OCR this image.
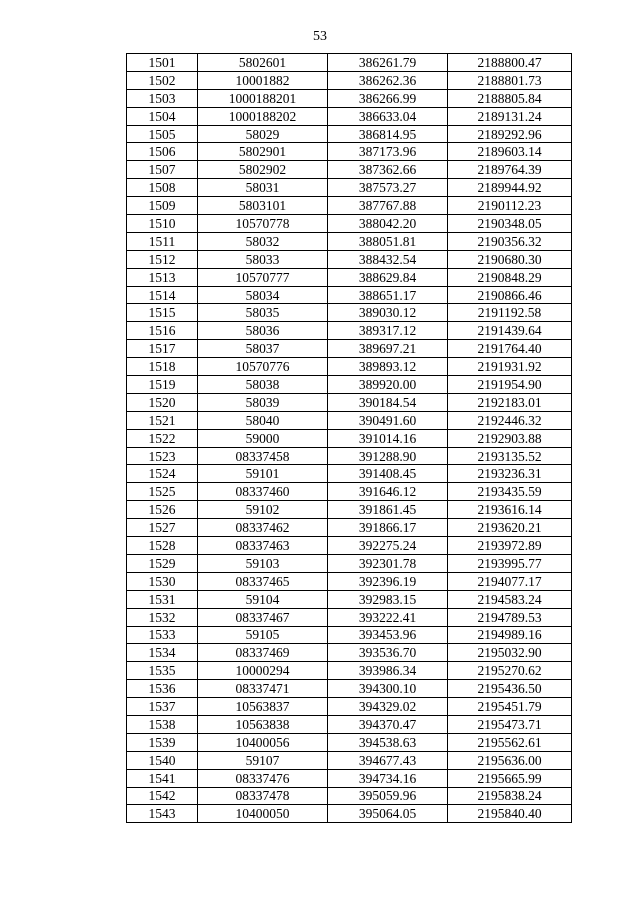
53
1501	5802601	386261.79	2188800.47
1502	10001882	386262.36	2188801.73
1503	1000188201	386266.99	2188805.84
1504	1000188202	386633.04	2189131.24
1505	58029	386814.95	2189292.96
1506	5802901	387173.96	2189603.14
1507	5802902	387362.66	2189764.39
1508	58031	387573.27	2189944.92
1509	5803101	387767.88	2190112.23
1510	10570778	388042.20	2190348.05
1511	58032	388051.81	2190356.32
1512	58033	388432.54	2190680.30
1513	10570777	388629.84	2190848.29
1514	58034	388651.17	2190866.46
1515	58035	389030.12	2191192.58
1516	58036	389317.12	2191439.64
1517	58037	389697.21	2191764.40
1518	10570776	389893.12	2191931.92
1519	58038	389920.00	2191954.90
1520	58039	390184.54	2192183.01
1521	58040	390491.60	2192446.32
1522	59000	391014.16	2192903.88
1523	08337458	391288.90	2193135.52
1524	59101	391408.45	2193236.31
1525	08337460	391646.12	2193435.59
1526	59102	391861.45	2193616.14
1527	08337462	391866.17	2193620.21
1528	08337463	392275.24	2193972.89
1529	59103	392301.78	2193995.77
1530	08337465	392396.19	2194077.17
1531	59104	392983.15	2194583.24
1532	08337467	393222.41	2194789.53
1533	59105	393453.96	2194989.16
1534	08337469	393536.70	2195032.90
1535	10000294	393986.34	2195270.62
1536	08337471	394300.10	2195436.50
1537	10563837	394329.02	2195451.79
1538	10563838	394370.47	2195473.71
1539	10400056	394538.63	2195562.61
1540	59107	394677.43	2195636.00
1541	08337476	394734.16	2195665.99
1542	08337478	395059.96	2195838.24
1543	10400050	395064.05	2195840.40
